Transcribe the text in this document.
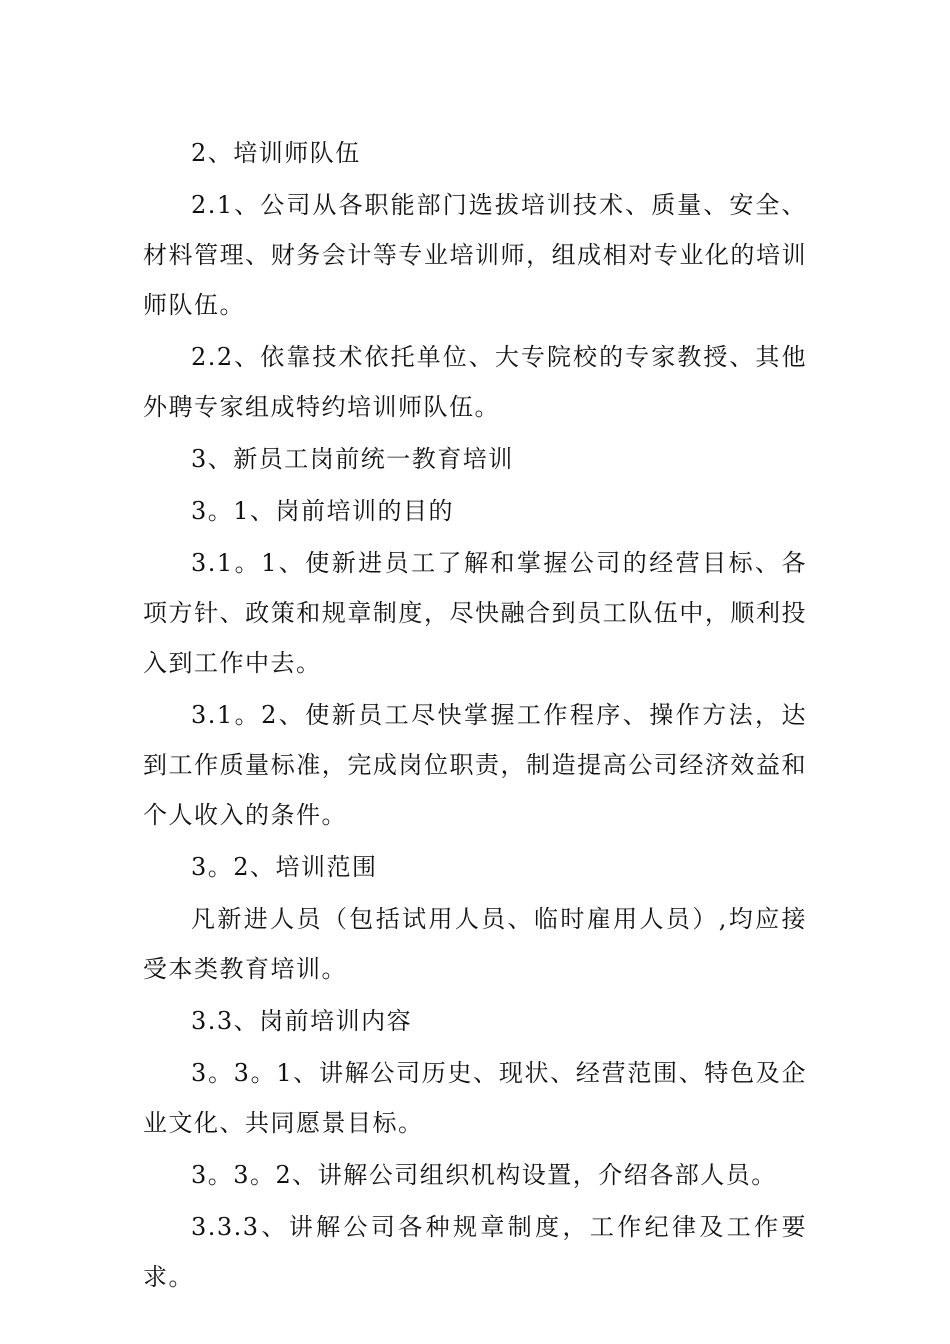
2、培训师队伍

2.1、公司从各职能部门选拔培训技术、质量、安全、材料管理、财务会计等专业培训师，组成相对专业化的培训师队伍。

2.2、依靠技术依托单位、大专院校的专家教授、其他外聘专家组成特约培训师队伍。

3、新员工岗前统一教育培训

3。1、岗前培训的目的

3.1。1、使新进员工了解和掌握公司的经营目标、各项方针、政策和规章制度，尽快融合到员工队伍中，顺利投入到工作中去。

3.1。2、使新员工尽快掌握工作程序、操作方法，达到工作质量标准，完成岗位职责，制造提高公司经济效益和个人收入的条件。

3。2、培训范围

凡新进人员（包括试用人员、临时雇用人员）,均应接受本类教育培训。

3.3、岗前培训内容

3。3。1、讲解公司历史、现状、经营范围、特色及企业文化、共同愿景目标。

3。3。2、讲解公司组织机构设置，介绍各部人员。

3.3.3、讲解公司各种规章制度，工作纪律及工作要求。
